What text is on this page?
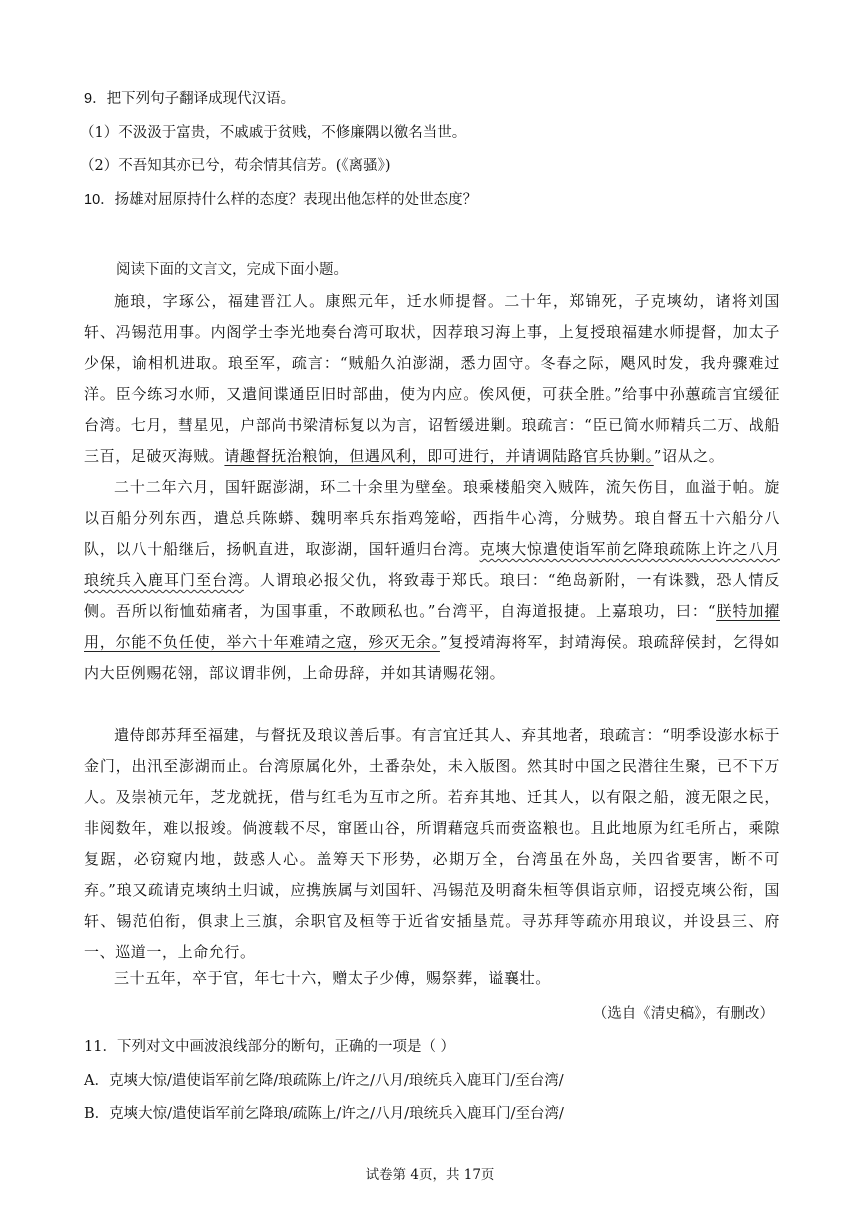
9．把下列句子翻译成现代汉语。
（1）不汲汲于富贵，不戚戚于贫贱，不修廉隅以徼名当世。
（2）不吾知其亦已兮，苟余情其信芳。(《离骚》)
10．扬雄对屈原持什么样的态度？表现出他怎样的处世态度？
阅读下面的文言文，完成下面小题。
施琅，字琢公，福建晋江人。康熙元年，迁水师提督。二十年，郑锦死，子克塽幼，诸将刘国轩、冯锡范用事。内阁学士李光地奏台湾可取状，因荐琅习海上事，上复授琅福建水师提督，加太子少保，谕相机进取。琅至军，疏言：“贼船久泊澎湖，悉力固守。冬春之际，飓风时发，我舟骤难过洋。臣今练习水师，又遣间谍通臣旧时部曲，使为内应。俟风便，可获全胜。”给事中孙蕙疏言宜缓征台湾。七月，彗星见，户部尚书梁清标复以为言，诏暂缓进剿。琅疏言：“臣已简水师精兵二万、战船三百，足破灭海贼。请趣督抚治粮饷，但遇风利，即可进行，并请调陆路官兵协剿。”诏从之。
二十二年六月，国轩踞澎湖，环二十余里为壁垒。琅乘楼船突入贼阵，流矢伤目，血溢于帕。旋以百船分列东西，遣总兵陈蟒、魏明率兵东指鸡笼峪，西指牛心湾，分贼势。琅自督五十六船分八队，以八十船继后，扬帆直进，取澎湖，国轩遁归台湾。克塽大惊遣使诣军前乞降琅疏陈上许之八月琅统兵入鹿耳门至台湾。人谓琅必报父仇，将致毒于郑氏。琅曰：“绝岛新附，一有诛戮，恐人情反侧。吾所以衔恤茹痛者，为国事重，不敢顾私也。”台湾平，自海道报捷。上嘉琅功，曰：“朕特加擢用，尔能不负任使，举六十年难靖之寇，殄灭无余。”复授靖海将军，封靖海侯。琅疏辞侯封，乞得如内大臣例赐花翎，部议谓非例，上命毋辞，并如其请赐花翎。
遣侍郎苏拜至福建，与督抚及琅议善后事。有言宜迁其人、弃其地者，琅疏言：“明季设澎水标于金门，出汛至澎湖而止。台湾原属化外，土番杂处，未入版图。然其时中国之民潜往生聚，已不下万人。及崇祯元年，芝龙就抚，借与红毛为互市之所。若弃其地、迁其人，以有限之船，渡无限之民，非阅数年，难以报竣。倘渡载不尽，窜匿山谷，所谓藉寇兵而赍盗粮也。且此地原为红毛所占，乘隙复踞，必窃窥内地，鼓惑人心。盖筹天下形势，必期万全，台湾虽在外岛，关四省要害，断不可弃。”琅又疏请克塽纳土归诚，应携族属与刘国轩、冯锡范及明裔朱桓等俱诣京师，诏授克塽公衔，国轩、锡范伯衔，俱隶上三旗，余职官及桓等于近省安插垦荒。寻苏拜等疏亦用琅议，并设县三、府一、巡道一，上命允行。
三十五年，卒于官，年七十六，赠太子少傅，赐祭葬，谥襄壮。
（选自《清史稿》，有删改）
11．下列对文中画波浪线部分的断句，正确的一项是（ ）
A．克塽大惊/遣使诣军前乞降/琅疏陈上/许之/八月/琅统兵入鹿耳门/至台湾/
B．克塽大惊/遣使诣军前乞降琅/疏陈上/许之/八月/琅统兵入鹿耳门/至台湾/
试卷第 4页，共 17页
